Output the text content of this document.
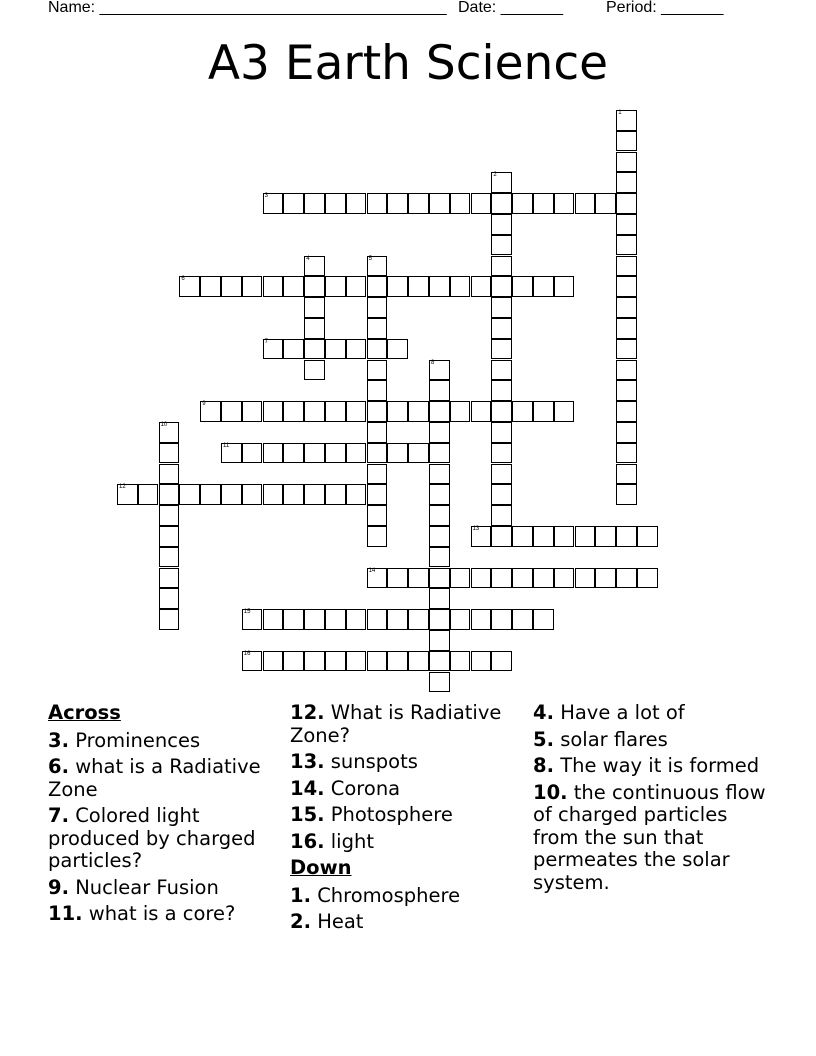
Name: _______________________________________

Date: _______

	Period: _______

A3 Earth Science
1
2
3
4	5
6
7
8
9
10
11
12
13
14
15
16
Across
3. Prominences
6. what is a Radiative Zone
7. Colored light produced by charged particles?
9. Nuclear Fusion
11. what is a core?
12. What is Radiative Zone?
13. sunspots
14. Corona
15. Photosphere
16. light
Down
1. Chromosphere
2. Heat
4. Have a lot of
5. solar flares
8. The way it is formed
10. the continuous flow of charged particles from the sun that permeates the solar system.
